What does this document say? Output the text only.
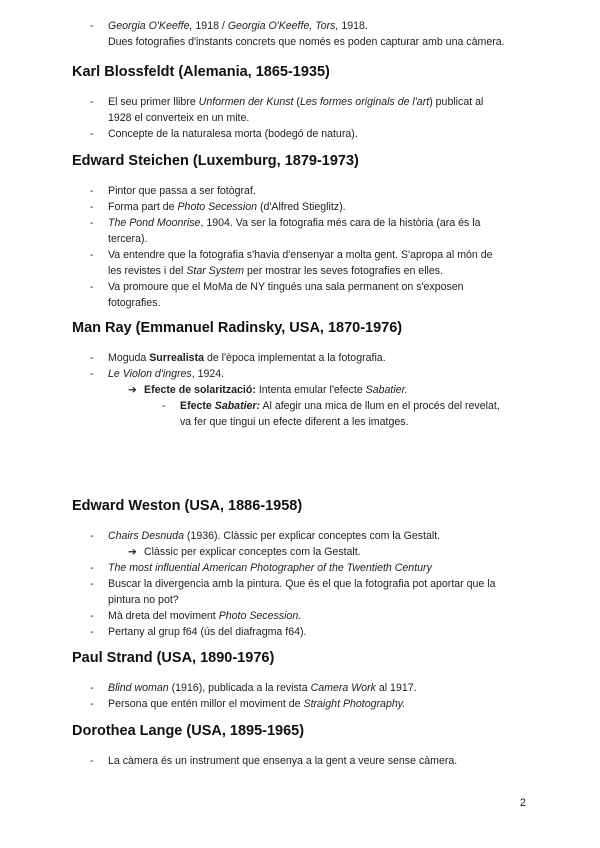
- Georgia O'Keeffe, 1918 / Georgia O'Keeffe, Tors, 1918.
Dues fotografies d'instants concrets que només es poden capturar amb una càmera.
Karl Blossfeldt (Alemania, 1865-1935)
- El seu primer llibre Unformen der Kunst (Les formes originals de l'art) publicat al
1928 el converteix en un mite.
- Concepte de la naturalesa morta (bodegó de natura).
Edward Steichen (Luxemburg, 1879-1973)
- Pintor que passa a ser fotògraf.
- Forma part de Photo Secession (d'Alfred Stieglitz).
- The Pond Moonrise, 1904. Va ser la fotografia més cara de la història (ara és la
tercera).
- Va entendre que la fotografia s'havia d'ensenyar a molta gent. S'apropa al món de
les revistes i del Star System per mostrar les seves fotografies en elles.
- Va promoure que el MoMa de NY tingués una sala permanent on s'exposen
fotografies.
Man Ray (Emmanuel Radinsky, USA, 1870-1976)
- Moguda Surrealista de l'època implementat a la fotografia.
- Le Violon d'ingres, 1924.
➔ Efecte de solarització: Intenta emular l'efecte Sabatier.
- Efecte Sabatier: Al afegir una mica de llum en el procés del revelat,
va fer que tingui un efecte diferent a les imatges.
Edward Weston (USA, 1886-1958)
- Chairs Desnuda (1936). Clàssic per explicar conceptes com la Gestalt.
➔ Clàssic per explicar conceptes com la Gestalt.
- The most influential American Photographer of the Twentieth Century
- Buscar la divergencia amb la pintura. Que és el que la fotografia pot aportar que la
pintura no pot?
- Mà dreta del moviment Photo Secession.
- Pertany al grup f64 (ús del diafragma f64).
Paul Strand (USA, 1890-1976)
- Blind woman (1916), publicada a la revista Camera Work al 1917.
- Persona que entén millor el moviment de Straight Photography.
Dorothea Lange (USA, 1895-1965)
- La càmera és un instrument que ensenya a la gent a veure sense càmera.
2
